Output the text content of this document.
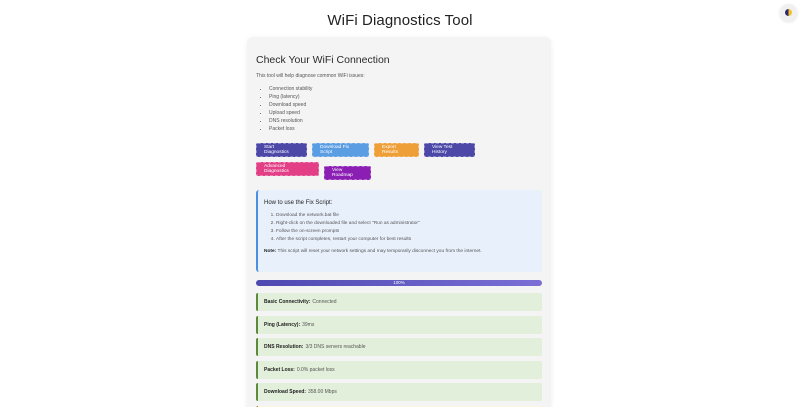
WiFi Diagnostics Tool
Check Your WiFi Connection

This tool will help diagnose common WiFi issues:

• Connection stability
• Ping (latency)
• Download speed
• Upload speed
• DNS resolution
• Packet loss
Start Diagnostics
Download Fix Script
Export Results
View Test History
Advanced Diagnostics	View Roadmap
How to use the Fix Script:
1. Download the network.bat file
2. Right-click on the downloaded file and select "Run as administrator"
3. Follow the on-screen prompts
4. After the script completes, restart your computer for best results

Note: This script will reset your network settings and may temporarily disconnect you from the internet.

100%
Basic Connectivity: Connected
Ping (Latency): 39ms
DNS Resolution: 3/3 DNS servers reachable
Packet Loss: 0.0% packet loss
Download Speed: 358.00 Mbps
